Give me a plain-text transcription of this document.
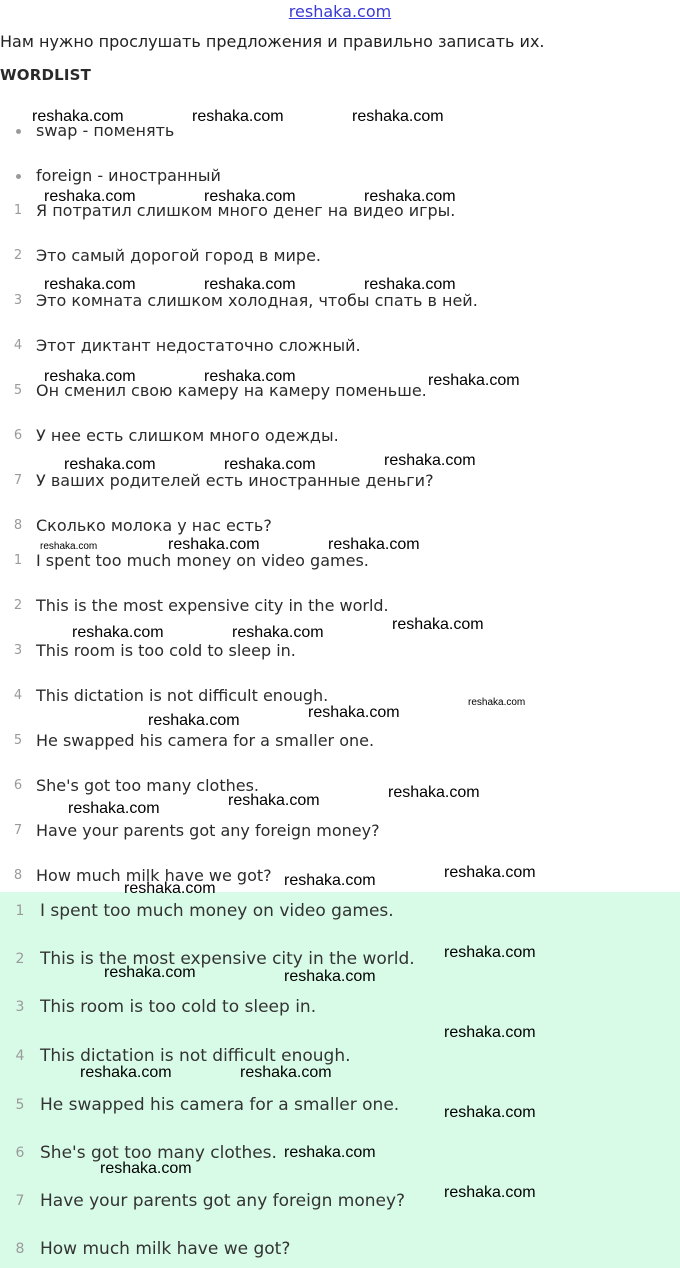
reshaka.com
Нам нужно прослушать предложения и правильно записать их.
WORDLIST
swap - поменять
foreign - иностранный
1 Я потратил слишком много денег на видео игры.
2 Это самый дорогой город в мире.
3 Это комната слишком холодная, чтобы спать в ней.
4 Этот диктант недостаточно сложный.
5 Он сменил свою камеру на камеру поменьше.
6 У нее есть слишком много одежды.
7 У ваших родителей есть иностранные деньги?
8 Сколько молока у нас есть?
1 I spent too much money on video games.
2 This is the most expensive city in the world.
3 This room is too cold to sleep in.
4 This dictation is not difficult enough.
5 He swapped his camera for a smaller one.
6 She's got too many clothes.
7 Have your parents got any foreign money?
8 How much milk have we got?
1 I spent too much money on video games.
2 This is the most expensive city in the world.
3 This room is too cold to sleep in.
4 This dictation is not difficult enough.
5 He swapped his camera for a smaller one.
6 She's got too many clothes.
7 Have your parents got any foreign money?
8 How much milk have we got?
reshaka.com	reshaka.com	reshaka.com
reshaka.com	reshaka.com	reshaka.com
reshaka.com	reshaka.com	reshaka.com
reshaka.com	reshaka.com	reshaka.com
reshaka.com	reshaka.com	reshaka.com
reshaka.com	reshaka.com	reshaka.com
reshaka.com	reshaka.com	reshaka.com
reshaka.com
reshaka.com	reshaka.com
reshaka.com	reshaka.com	reshaka.com
reshaka.com	reshaka.com	reshaka.com
reshaka.com
reshaka.com	reshaka.com
reshaka.com
reshaka.com	reshaka.com
reshaka.com
reshaka.com
reshaka.com
reshaka.com
